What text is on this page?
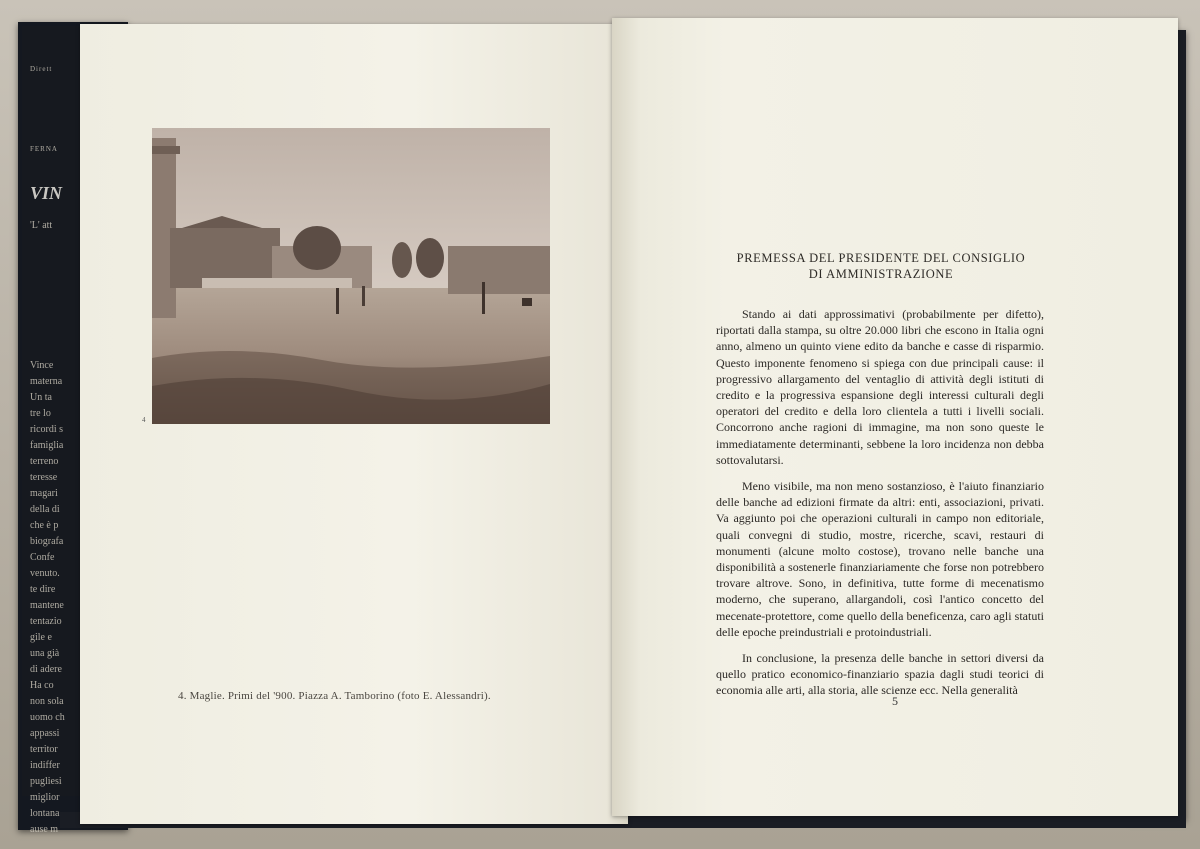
Dirett
FERNA
VIN
'L' att
Vince
materna
Un ta
tre lo
ricordi s
famiglia
terreno
teresse
magari
della di
che è p
biografa
Confe
venuto.
te dire
mantene
tentazio
gile e
una già
di adere
Ha co
non sola
uomo ch
appassi
territor
indiffer
pugliesi
miglior
lontana
ause m
4
4. Maglie. Primi del '900. Piazza A. Tamborino (foto E. Alessandri).
PREMESSA DEL PRESIDENTE DEL CONSIGLIO
DI AMMINISTRAZIONE

Stando ai dati approssimativi (probabilmente per difetto), riportati dalla stampa, su oltre 20.000 libri che escono in Italia ogni anno, almeno un quinto viene edito da banche e casse di risparmio. Questo imponente fenomeno si spiega con due principali cause: il progressivo allargamento del ventaglio di attività degli istituti di credito e la progressiva espansione degli interessi culturali degli operatori del credito e della loro clientela a tutti i livelli sociali. Concorrono anche ragioni di immagine, ma non sono queste le immediatamente determinanti, sebbene la loro incidenza non debba sottovalutarsi.

Meno visibile, ma non meno sostanzioso, è l'aiuto finanziario delle banche ad edizioni firmate da altri: enti, associazioni, privati. Va aggiunto poi che operazioni culturali in campo non editoriale, quali convegni di studio, mostre, ricerche, scavi, restauri di monumenti (alcune molto costose), trovano nelle banche una disponibilità a sostenerle finanziariamente che forse non potrebbero trovare altrove. Sono, in definitiva, tutte forme di mecenatismo moderno, che superano, allargandoli, così l'antico concetto del mecenate-protettore, come quello della beneficenza, caro agli statuti delle epoche preindustriali e protoindustriali.

In conclusione, la presenza delle banche in settori diversi da quello pratico economico-finanziario spazia dagli studi teorici di economia alle arti, alla storia, alle scienze ecc. Nella generalità

5
